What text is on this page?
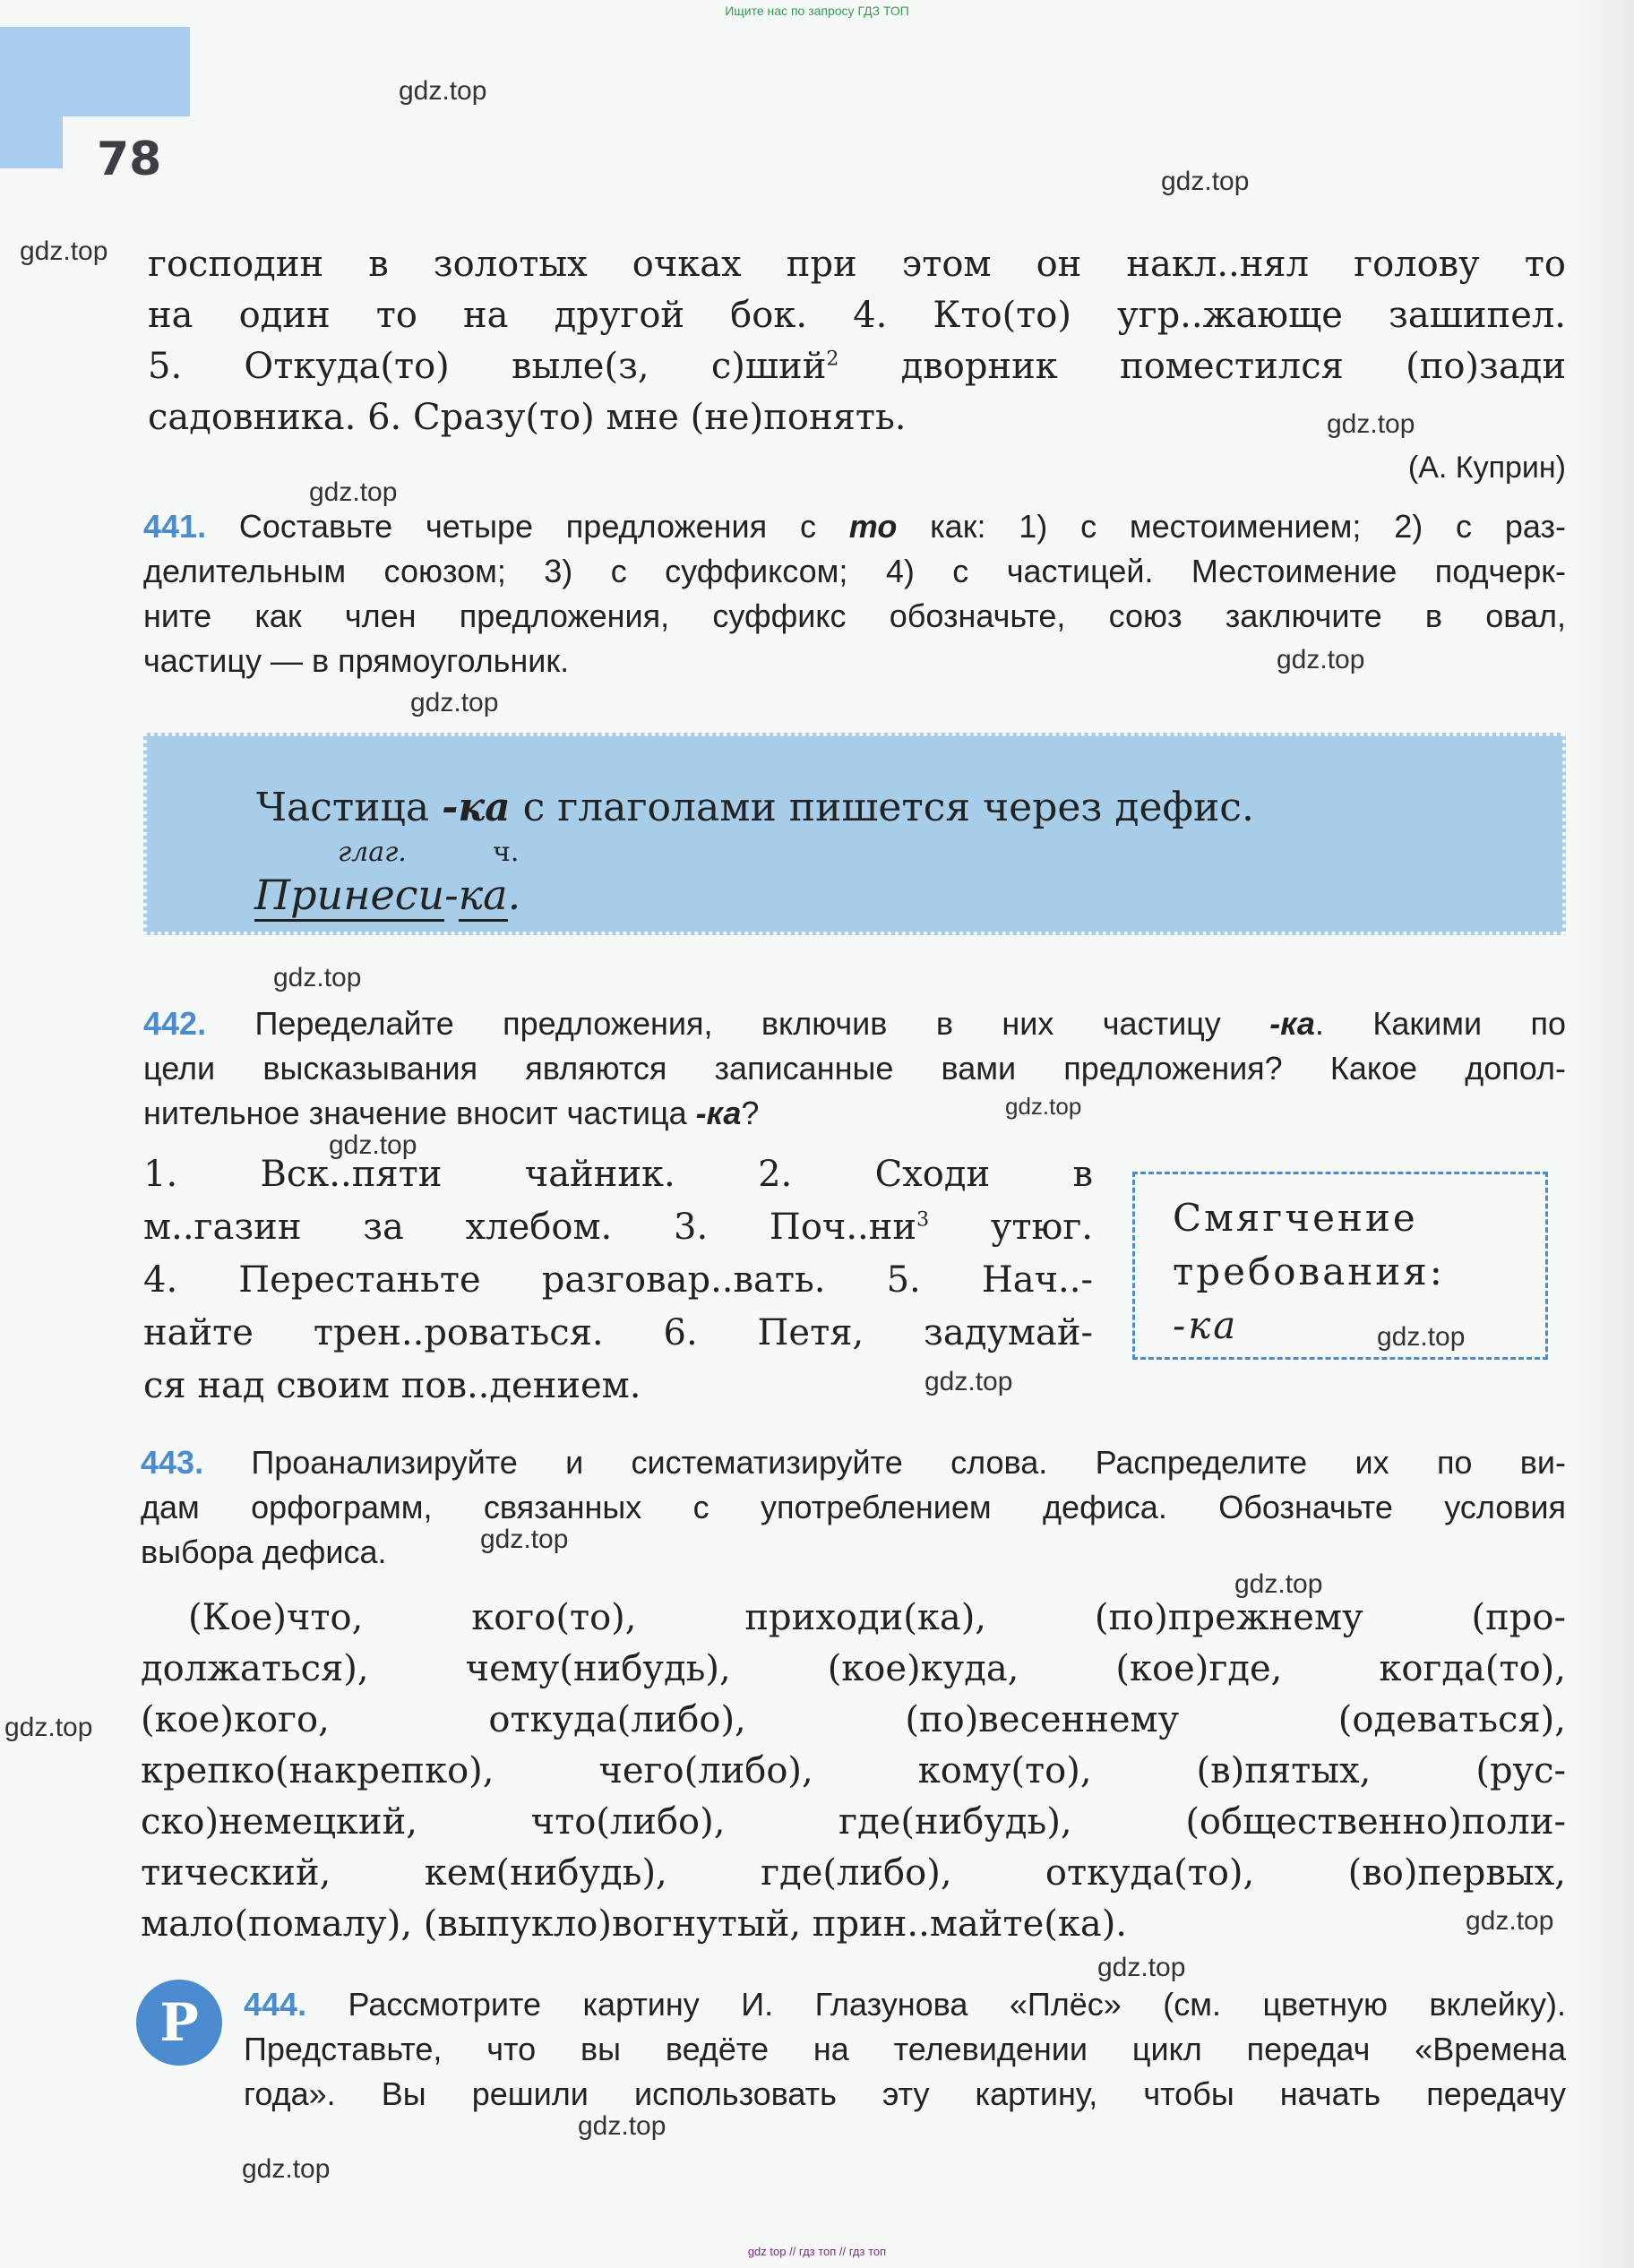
78
Ищите нас по запросу ГДЗ ТОП
gdz.top
gdz.top
gdz.top
gdz.top
gdz.top
gdz.top
gdz.top
gdz.top
gdz.top
gdz.top
gdz.top
gdz.top
gdz.top
gdz.top
gdz.top
gdz.top
gdz.top
gdz.top
gdz.top
господин в золотых очках при этом он накл..нял голову то
на один то на другой бок. 4. Кто(то) угр..жающе зашипел.
5. Откуда(то) выле(з, с)ший$^2$ дворник поместился (по)зади
садовника. 6. Сразу(то) мне (не)понять.
(А. Куприн)
441. Составьте четыре предложения с то как: 1) с местоимением; 2) с раз-
делительным союзом; 3) с суффиксом; 4) с частицей. Местоимение подчерк-
ните как член предложения, суффикс обозначьте, союз заключите в овал,
частицу — в прямоугольник.
Частица -ка с глаголами пишется через дефис.
глаг.	ч.
Принеси-ка.
442. Переделайте предложения, включив в них частицу -ка. Какими по
цели высказывания являются записанные вами предложения? Какое допол-
нительное значение вносит частица -ка?
1. Вск..пяти чайник. 2. Сходи в
м..газин за хлебом. 3. $Поч..ни^3$ утюг.
4. Перестаньте разговар..вать. 5. Нач..-
найте трен..роваться. 6. Петя, задумай-
ся над своим пов..дением.
Смягчение
требования:
-ка
443. Проанализируйте и систематизируйте слова. Распределите их по ви-
дам орфограмм, связанных с употреблением дефиса. Обозначьте условия
выбора дефиса.
(Кое)что, кого(то), приходи(ка), (по)прежнему (про-
должаться), чему(нибудь), (кое)куда, (кое)где, когда(то),
(кое)кого, откуда(либо), (по)весеннему (одеваться),
крепко(накрепко), чего(либо), кому(то), (в)пятых, (рус-
ско)немецкий, что(либо), где(нибудь), (общественно)поли-
тический, кем(нибудь), где(либо), откуда(то), (во)первых,
мало(помалу), (выпукло)вогнутый, прин..майте(ка).
Р	444. Рассмотрите картину И. Глазунова «Плёс» (см. цветную вклейку).
Представьте, что вы ведёте на телевидении цикл передач «Времена
года». Вы решили использовать эту картину, чтобы начать передачу
gdz top // гдз топ // гдз топ
